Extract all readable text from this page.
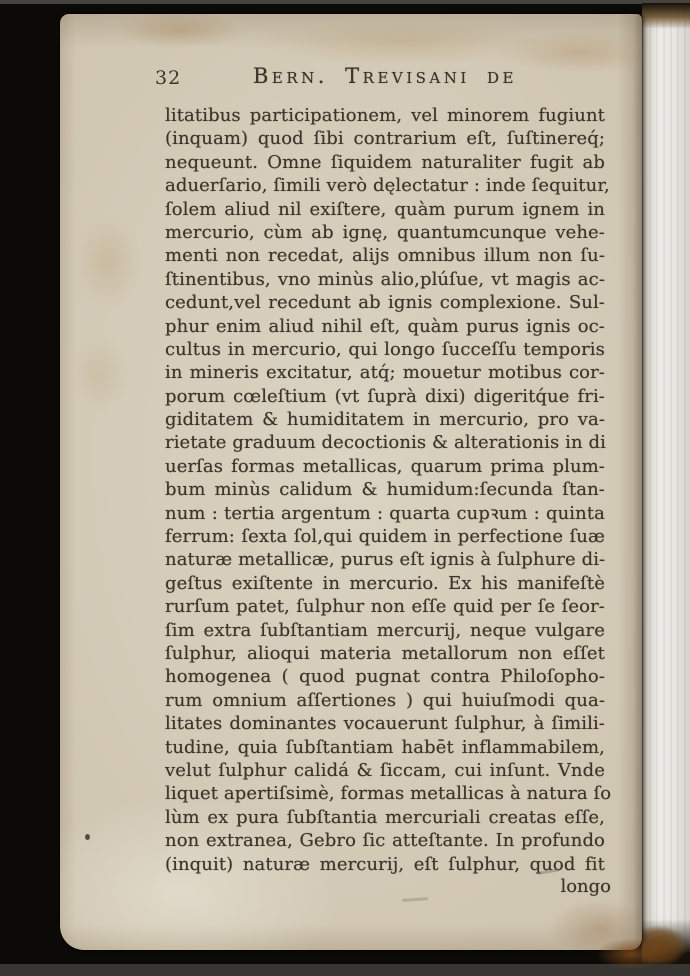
32	Bern. Trevisani de
litatibus participationem, vel minorem fugiunt
(inquam) quod ſibi contrarium eſt, ſuſtinereq́;
nequeunt. Omne ſiquidem naturaliter fugit ab
aduerſario, ſimili verò dęlectatur : inde ſequitur,
ſolem aliud nil exiſtere, quàm purum ignem in
mercurio, cùm ab ignę, quantumcunque vehe-
menti non recedat, alijs omnibus illum non ſu-
ſtinentibus, vno minùs alio,plúſue, vt magis ac-
cedunt,vel recedunt ab ignis complexione. Sul-
phur enim aliud nihil eſt, quàm purus ignis oc-
cultus in mercurio, qui longo ſucceſſu temporis
in mineris excitatur, atq́; mouetur motibus cor-
porum cœleſtium (vt ſuprà dixi) digeritq́ue fri-
giditatem & humiditatem in mercurio, pro va-
rietate graduum decoctionis & alterationis in di
uerſas formas metallicas, quarum prima plum-
bum minùs calidum & humidum:ſecunda ſtan-
num : tertia argentum : quarta cupꝛum : quinta
ferrum: ſexta ſol,qui quidem in perfectione ſuæ
naturæ metallicæ, purus eſt ignis à ſulphure di-
geſtus exiſtente in mercurio. Ex his manifeſtè
rurſum patet, ſulphur non eſſe quid per ſe ſeor-
ſim extra ſubſtantiam mercurij, neque vulgare
ſulphur, alioqui materia metallorum non eſſet
homogenea ( quod pugnat contra Philoſopho-
rum omnium aſſertiones ) qui huiuſmodi qua-
litates dominantes vocauerunt ſulphur, à ſimili-
tudine, quia ſubſtantiam habēt inflammabilem,
velut ſulphur calidá & ſiccam, cui inſunt. Vnde
liquet apertiſsimè, formas metallicas à natura ſo
lùm ex pura ſubſtantia mercuriali creatas eſſe,
non extranea, Gebro ſic atteſtante. In profundo
(inquit) naturæ mercurij, eſt ſulphur, quod fit
longo
